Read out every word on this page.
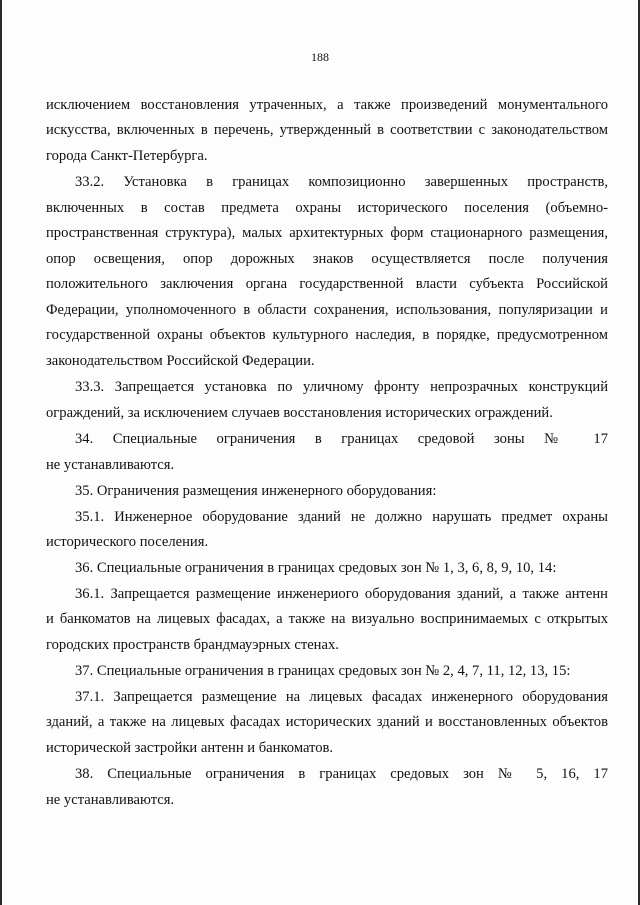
188
исключением восстановления утраченных, а также произведений монументального
искусства, включенных в перечень, утвержденный в соответствии с законодательством
города Санкт-Петербурга.
33.2. Установка в границах композиционно завершенных пространств,
включенных в состав предмета охраны исторического поселения (объемно-
пространственная структура), малых архитектурных форм стационарного размещения,
опор освещения, опор дорожных знаков осуществляется после получения
положительного заключения органа государственной власти субъекта Российской
Федерации, уполномоченного в области сохранения, использования, популяризации и
государственной охраны объектов культурного наследия, в порядке, предусмотренном
законодательством Российской Федерации.
33.3. Запрещается установка по уличному фронту непрозрачных конструкций
ограждений, за исключением случаев восстановления исторических ограждений.
34. Специальные ограничения в границах средовой зоны № 17
не устанавливаются.
35. Ограничения размещения инженерного оборудования:
35.1. Инженерное оборудование зданий не должно нарушать предмет охраны
исторического поселения.
36. Специальные ограничения в границах средовых зон № 1, 3, 6, 8, 9, 10, 14:
36.1. Запрещается размещение инженериого оборудования зданий, а также антенн
и банкоматов на лицевых фасадах, а также на визуально воспринимаемых с открытых
городских пространств брандмауэрных стенах.
37. Специальные ограничения в границах средовых зон № 2, 4, 7, 11, 12, 13, 15:
37.1. Запрещается размещение на лицевых фасадах инженерного оборудования
зданий, а также на лицевых фасадах исторических зданий и восстановленных объектов
исторической застройки антенн и банкоматов.
38. Специальные ограничения в границах средовых зон № 5, 16, 17
не устанавливаются.
